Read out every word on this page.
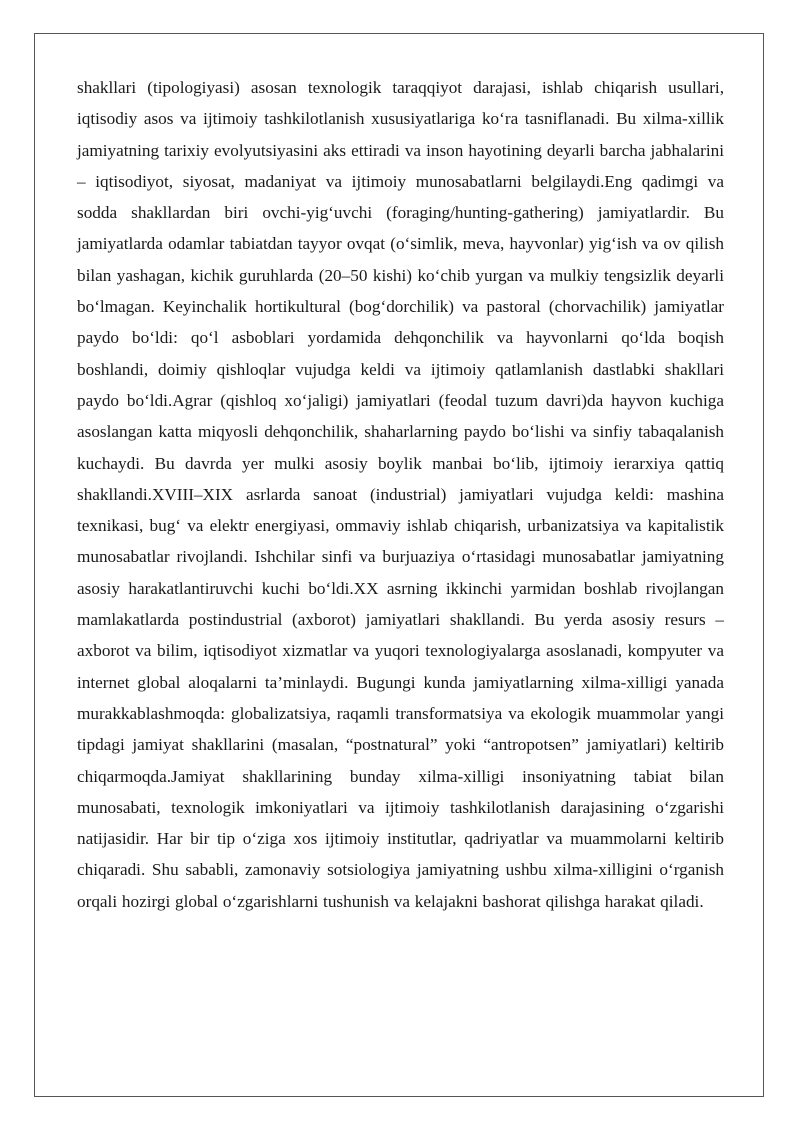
shakllari (tipologiyasi) asosan texnologik taraqqiyot darajasi, ishlab chiqarish usullari, iqtisodiy asos va ijtimoiy tashkilotlanish xususiyatlariga ko‘ra tasniflanadi. Bu xilma-xillik jamiyatning tarixiy evolyutsiyasini aks ettiradi va inson hayotining deyarli barcha jabhalarini – iqtisodiyot, siyosat, madaniyat va ijtimoiy munosabatlarni belgilaydi.Eng qadimgi va sodda shakllardan biri ovchi-yig‘uvchi (foraging/hunting-gathering) jamiyatlardir. Bu jamiyatlarda odamlar tabiatdan tayyor ovqat (o‘simlik, meva, hayvonlar) yig‘ish va ov qilish bilan yashagan, kichik guruhlarda (20–50 kishi) ko‘chib yurgan va mulkiy tengsizlik deyarli bo‘lmagan. Keyinchalik hortikultural (bog‘dorchilik) va pastoral (chorvachilik) jamiyatlar paydo bo‘ldi: qo‘l asboblari yordamida dehqonchilik va hayvonlarni qo‘lda boqish boshlandi, doimiy qishloqlar vujudga keldi va ijtimoiy qatlamlanish dastlabki shakllari paydo bo‘ldi.Agrar (qishloq xo‘jaligi) jamiyatlari (feodal tuzum davri)da hayvon kuchiga asoslangan katta miqyosli dehqonchilik, shaharlarning paydo bo‘lishi va sinfiy tabaqalanish kuchaydi. Bu davrda yer mulki asosiy boylik manbai bo‘lib, ijtimoiy ierarxiya qattiq shakllandi.XVIII–XIX asrlarda sanoat (industrial) jamiyatlari vujudga keldi: mashina texnikasi, bug‘ va elektr energiyasi, ommaviy ishlab chiqarish, urbanizatsiya va kapitalistik munosabatlar rivojlandi. Ishchilar sinfi va burjuaziya o‘rtasidagi munosabatlar jamiyatning asosiy harakatlantiruvchi kuchi bo‘ldi.XX asrning ikkinchi yarmidan boshlab rivojlangan mamlakatlarda postindustrial (axborot) jamiyatlari shakllandi. Bu yerda asosiy resurs – axborot va bilim, iqtisodiyot xizmatlar va yuqori texnologiyalarga asoslanadi, kompyuter va internet global aloqalarni ta’minlaydi. Bugungi kunda jamiyatlarning xilma-xilligi yanada murakkablashmoqda: globalizatsiya, raqamli transformatsiya va ekologik muammolar yangi tipdagi jamiyat shakllarini (masalan, “postnatural” yoki “antropotsen” jamiyatlari) keltirib chiqarmoqda.Jamiyat shakllarining bunday xilma-xilligi insoniyatning tabiat bilan munosabati, texnologik imkoniyatlari va ijtimoiy tashkilotlanish darajasining o‘zgarishi natijasidir. Har bir tip o‘ziga xos ijtimoiy institutlar, qadriyatlar va muammolarni keltirib chiqaradi. Shu sababli, zamonaviy sotsiologiya jamiyatning ushbu xilma-xilligini o‘rganish orqali hozirgi global o‘zgarishlarni tushunish va kelajakni bashorat qilishga harakat qiladi.
